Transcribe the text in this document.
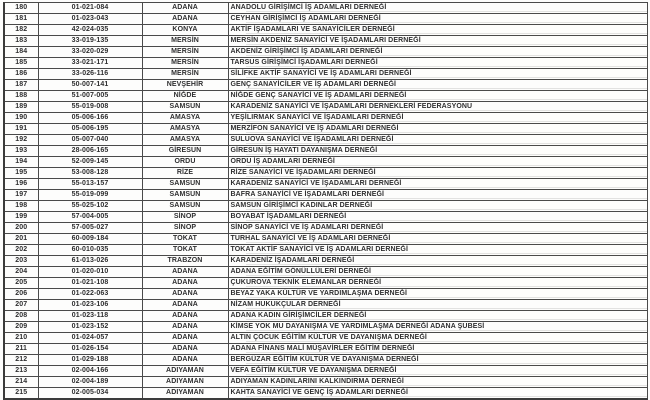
180	01-021-084	ADANA	ANADOLU GİRİŞİMCİ İŞ ADAMLARI DERNEĞİ
181	01-023-043	ADANA	CEYHAN GİRİŞİMCİ İŞ ADAMLARI DERNEĞİ
182	42-024-035	KONYA	AKTİF İŞADAMLARI VE SANAYİCİLER DERNEĞİ
183	33-019-135	MERSİN	MERSİN AKDENİZ SANAYİCİ VE İŞADAMLARI DERNEĞİ
184	33-020-029	MERSİN	AKDENİZ GİRİŞİMCİ İŞ ADAMLARI DERNEĞİ
185	33-021-171	MERSİN	TARSUS GİRİŞİMCİ İŞADAMLARI DERNEĞİ
186	33-026-116	MERSİN	SİLİFKE AKTİF SANAYİCİ VE İŞ ADAMLARI DERNEĞİ
187	50-007-141	NEVŞEHİR	GENÇ SANAYİCİLER VE İŞ ADAMLARI DERNEĞİ
188	51-007-005	NİĞDE	NİĞDE GENÇ SANAYİCİ VE İŞ ADAMLARI DERNEĞİ
189	55-019-008	SAMSUN	KARADENİZ SANAYİCİ VE İŞADAMLARI DERNEKLERİ FEDERASYONU
190	05-006-166	AMASYA	YEŞİLIRMAK SANAYİCİ VE İŞADAMLARI DERNEĞİ
191	05-006-195	AMASYA	MERZİFON SANAYİCİ VE İŞ ADAMLARI DERNEĞİ
192	05-007-040	AMASYA	SULUOVA SANAYİCİ VE İŞADAMLARI DERNEĞİ
193	28-006-165	GİRESUN	GİRESUN İŞ HAYATI DAYANIŞMA DERNEĞİ
194	52-009-145	ORDU	ORDU İŞ ADAMLARI DERNEĞİ
195	53-008-128	RİZE	RİZE SANAYİCİ VE İŞADAMLARI DERNEĞİ
196	55-013-157	SAMSUN	KARADENİZ SANAYİCİ VE İŞADAMLARI DERNEĞİ
197	55-019-099	SAMSUN	BAFRA SANAYİCİ VE İŞADAMLARI DERNEĞİ
198	55-025-102	SAMSUN	SAMSUN GİRİŞİMCİ KADINLAR DERNEĞİ
199	57-004-005	SİNOP	BOYABAT İŞADAMLARI DERNEĞİ
200	57-005-027	SİNOP	SİNOP SANAYİCİ VE İŞ ADAMLARI DERNEĞİ
201	60-009-184	TOKAT	TURHAL SANAYİCİ VE İŞ ADAMLARI DERNEĞİ
202	60-010-035	TOKAT	TOKAT AKTİF SANAYİCİ VE İŞ ADAMLARI DERNEĞİ
203	61-013-026	TRABZON	KARADENİZ İŞADAMLARI DERNEĞİ
204	01-020-010	ADANA	ADANA EĞİTİM GÖNÜLLÜLERİ DERNEĞİ
205	01-021-108	ADANA	ÇUKUROVA TEKNİK ELEMANLAR DERNEĞİ
206	01-022-063	ADANA	BEYAZ YAKA KÜLTÜR VE YARDIMLAŞMA DERNEĞİ
207	01-023-106	ADANA	NİZAM HUKUKÇULAR DERNEĞİ
208	01-023-118	ADANA	ADANA KADIN GİRİŞİMCİLER DERNEĞİ
209	01-023-152	ADANA	KİMSE YOK MU DAYANIŞMA VE YARDIMLAŞMA DERNEĞİ ADANA ŞUBESİ
210	01-024-057	ADANA	ALTIN ÇOCUK EĞİTİM KÜLTÜR VE DAYANIŞMA DERNEĞİ
211	01-026-154	ADANA	ADANA FİNANS MALİ MÜŞAVİRLER EĞİTİM DERNEĞİ
212	01-029-188	ADANA	BERGÜZAR EĞİTİM KÜLTÜR VE DAYANIŞMA DERNEĞİ
213	02-004-166	ADIYAMAN	VEFA EĞİTİM KÜLTÜR VE DAYANIŞMA DERNEĞİ
214	02-004-189	ADIYAMAN	ADIYAMAN KADINLARINI KALKINDIRMA DERNEĞİ
215	02-005-034	ADIYAMAN	KAHTA SANAYİCİ VE GENÇ İŞ ADAMLARI DERNEĞİ
